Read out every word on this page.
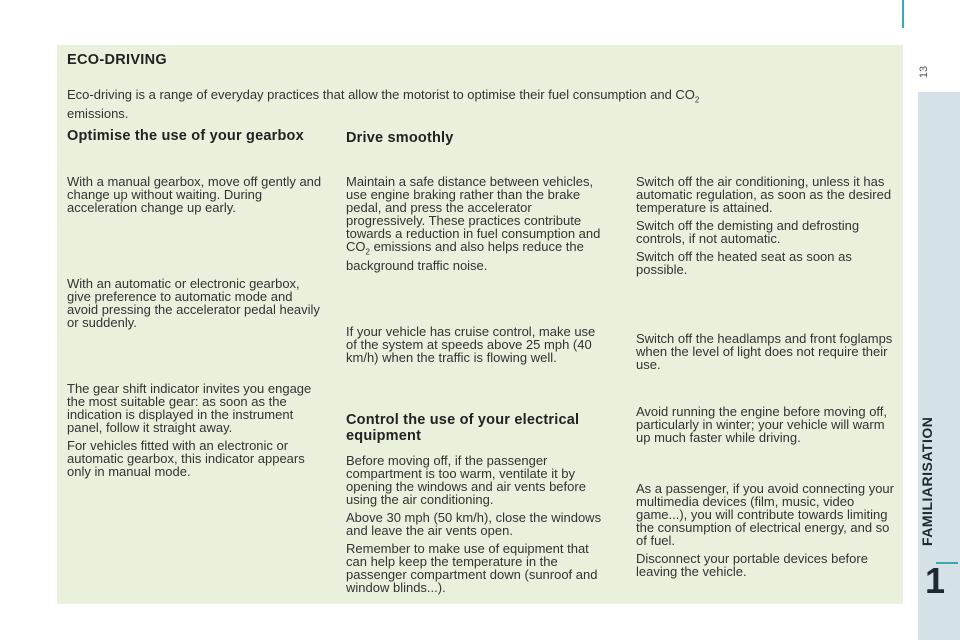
13
ECO-DRIVING
Eco-driving is a range of everyday practices that allow the motorist to optimise their fuel consumption and $CO_2$
emissions.
Optimise the use of your gearbox
With a manual gearbox, move off gently and change up without waiting. During acceleration change up early.
With an automatic or electronic gearbox, give preference to automatic mode and avoid pressing the accelerator pedal heavily or suddenly.
The gear shift indicator invites you engage the most suitable gear: as soon as the indication is displayed in the instrument panel, follow it straight away.
For vehicles fitted with an electronic or automatic gearbox, this indicator appears only in manual mode.
Drive smoothly
Maintain a safe distance between vehicles, use engine braking rather than the brake pedal, and press the accelerator progressively. These practices contribute towards a reduction in fuel consumption and $CO_2$ emissions and also helps reduce the background traffic noise.
If your vehicle has cruise control, make use of the system at speeds above 25 mph (40 km/h) when the traffic is flowing well.
Control the use of your electrical equipment
Before moving off, if the passenger compartment is too warm, ventilate it by opening the windows and air vents before using the air conditioning.
Above 30 mph (50 km/h), close the windows and leave the air vents open.
Remember to make use of equipment that can help keep the temperature in the passenger compartment down (sunroof and window blinds...).
Switch off the air conditioning, unless it has automatic regulation, as soon as the desired temperature is attained.
Switch off the demisting and defrosting controls, if not automatic.
Switch off the heated seat as soon as possible.
Switch off the headlamps and front foglamps when the level of light does not require their use.
Avoid running the engine before moving off, particularly in winter; your vehicle will warm up much faster while driving.
As a passenger, if you avoid connecting your multimedia devices (film, music, video game...), you will contribute towards limiting the consumption of electrical energy, and so of fuel.
Disconnect your portable devices before leaving the vehicle.
FAMILIARISATION
1
